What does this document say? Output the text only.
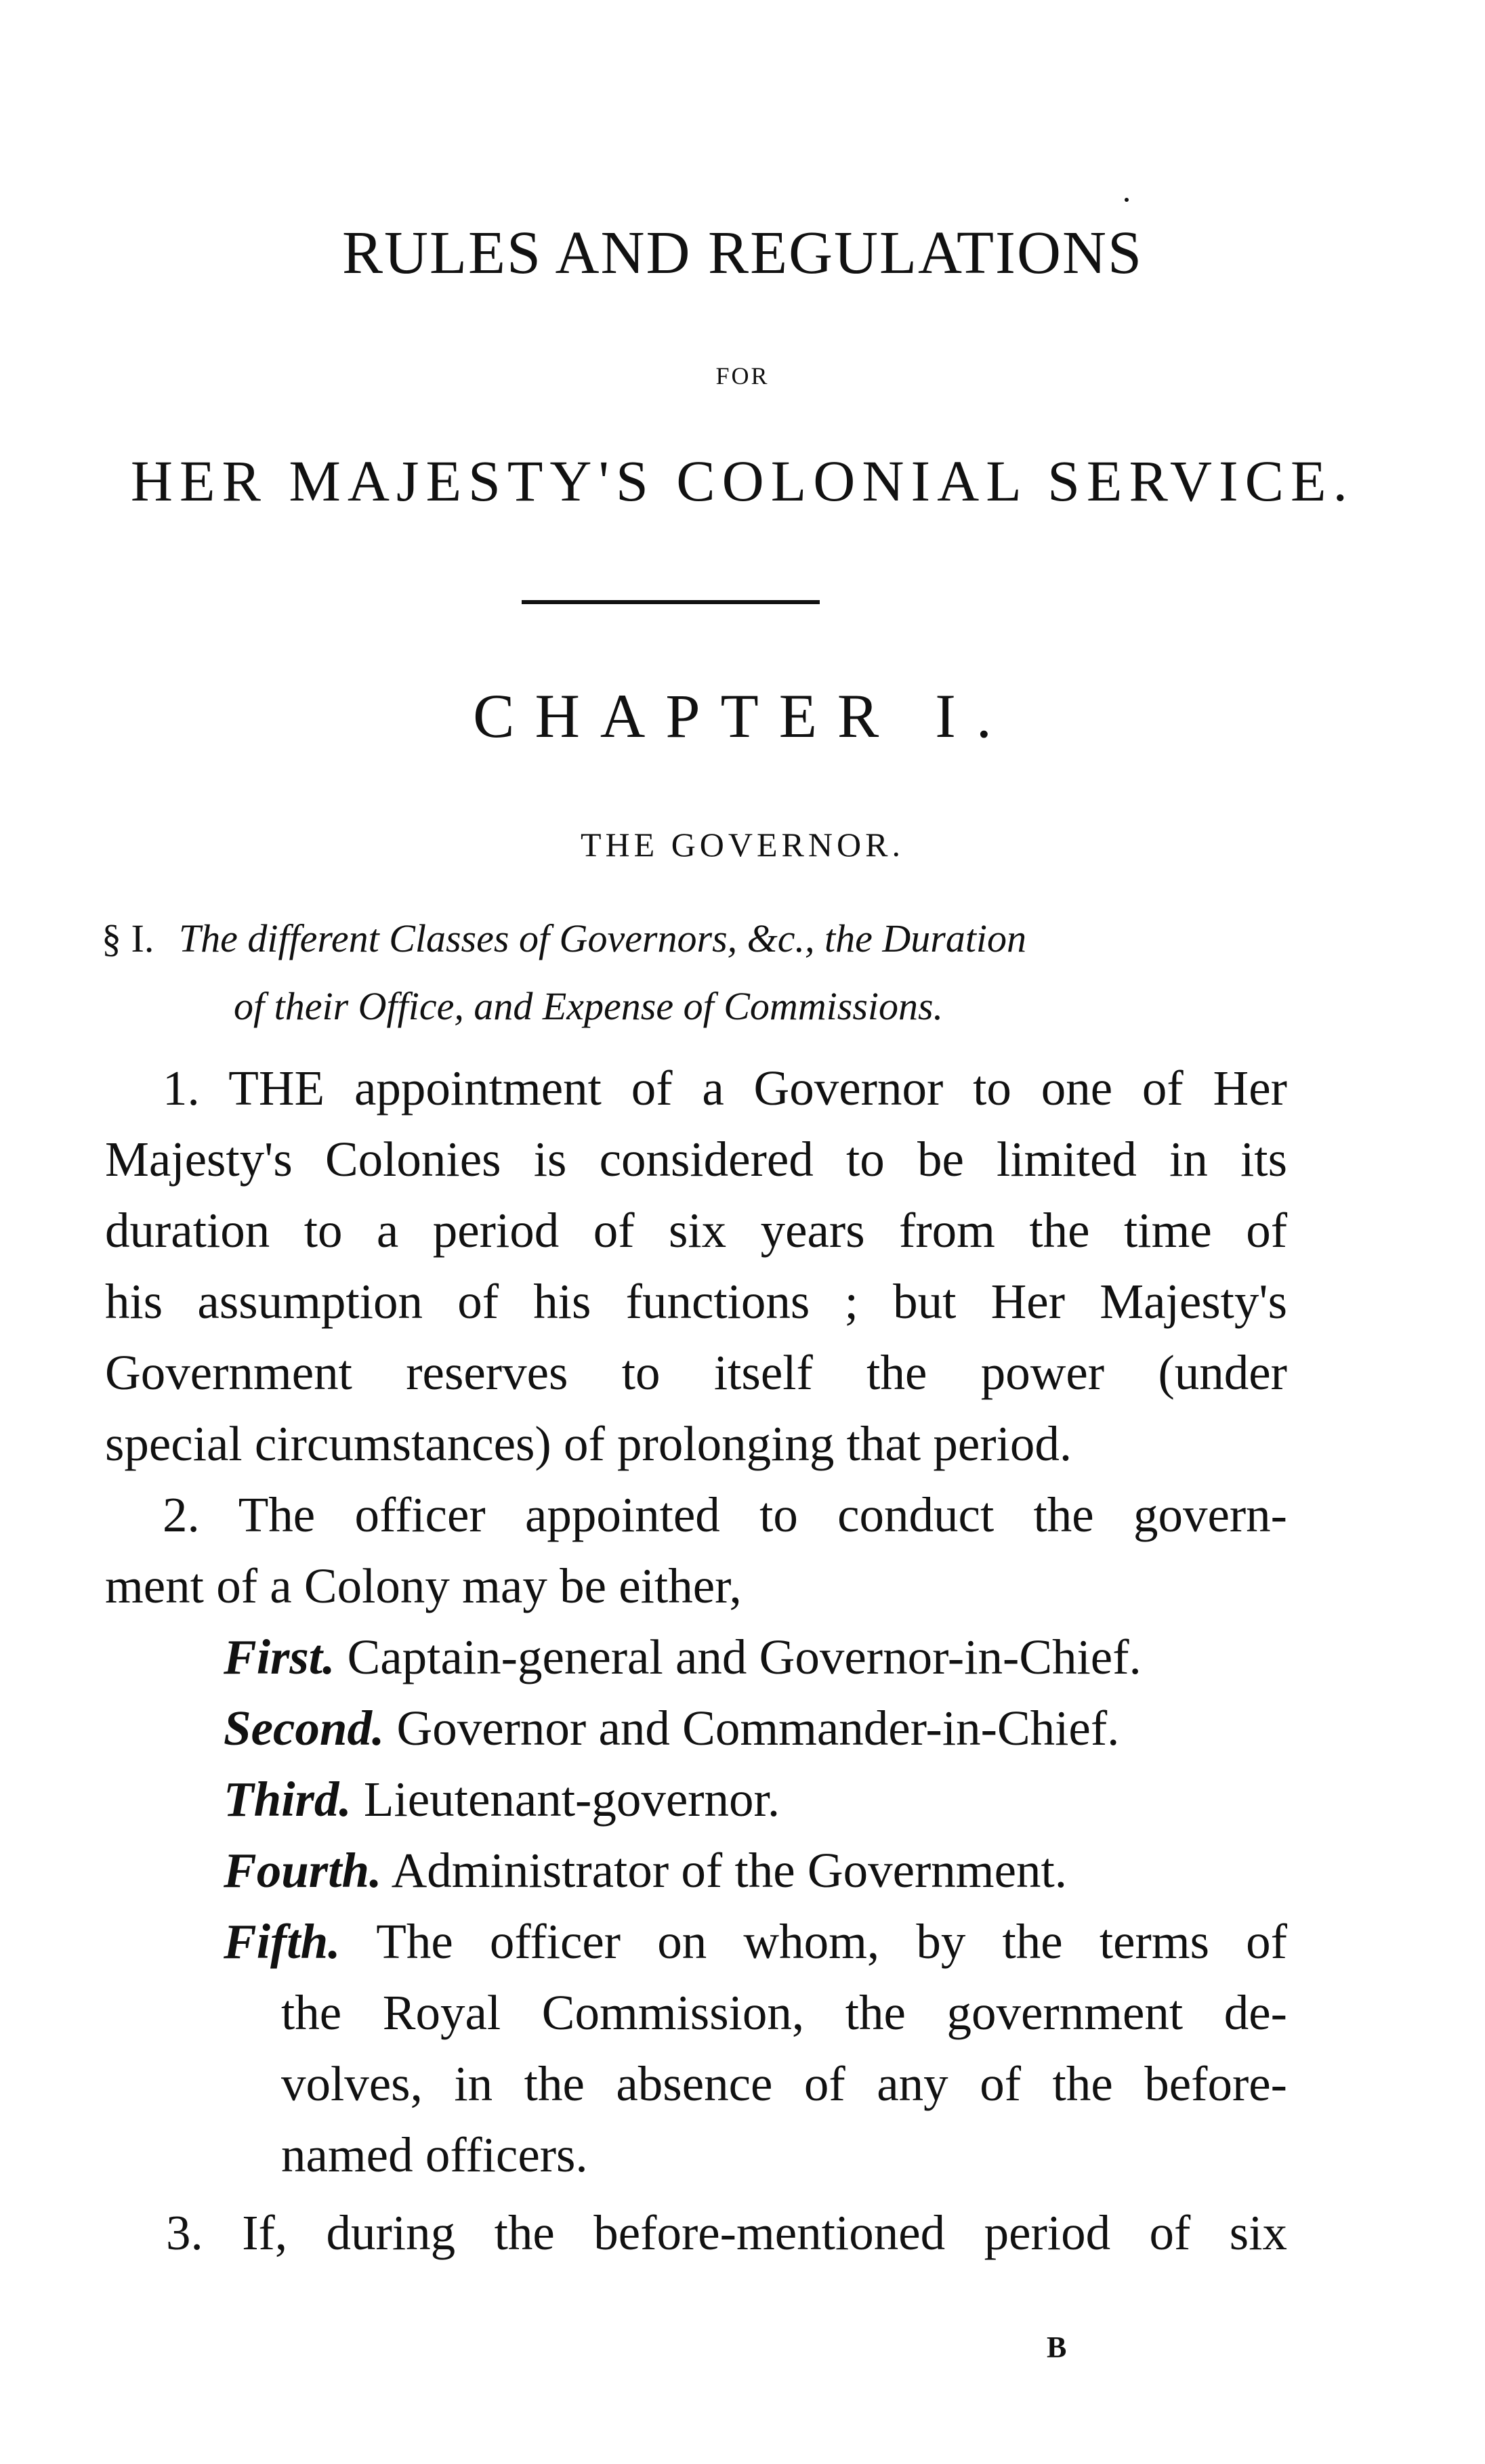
RULES AND REGULATIONS
FOR
HER MAJESTY'S COLONIAL SERVICE.
CHAPTER I.
THE GOVERNOR.
§ I. The different Classes of Governors, &c., the Duration
of their Office, and Expense of Commissions.
1. THE appointment of a Governor to one of Her
Majesty's Colonies is considered to be limited in its
duration to a period of six years from the time of
his assumption of his functions ; but Her Majesty's
Government reserves to itself the power (under
special circumstances) of prolonging that period.
2. The officer appointed to conduct the govern-
ment of a Colony may be either,
First. Captain-general and Governor-in-Chief.
Second. Governor and Commander-in-Chief.
Third. Lieutenant-governor.
Fourth. Administrator of the Government.
Fifth. The officer on whom, by the terms of
the Royal Commission, the government de-
volves, in the absence of any of the before-
named officers.
3. If, during the before-mentioned period of six
B
